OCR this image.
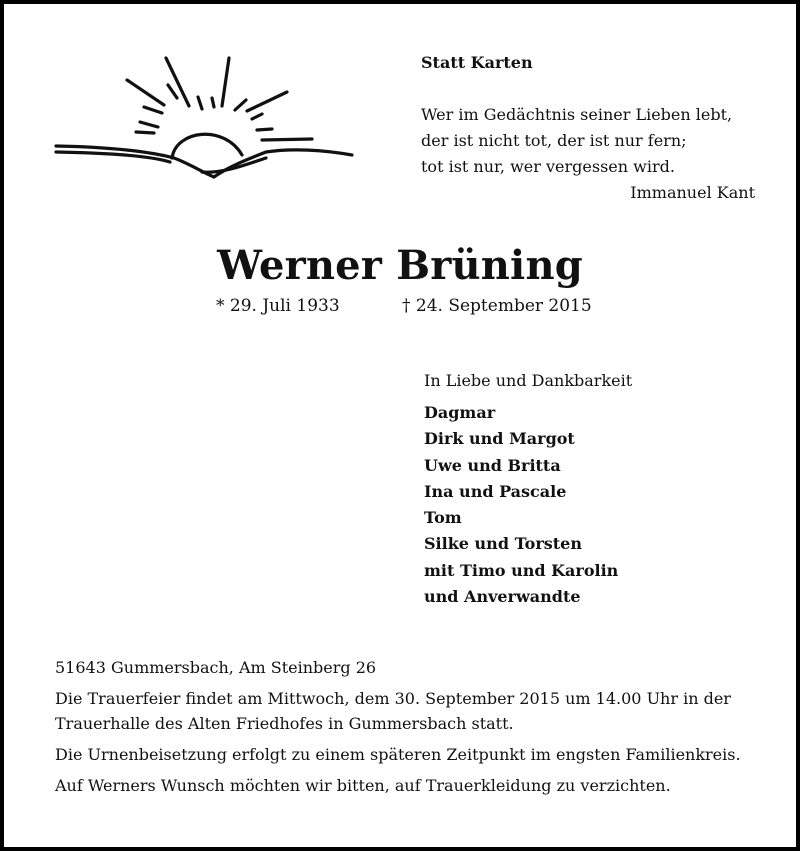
Statt Karten
Wer im Gedächtnis seiner Lieben lebt,
der ist nicht tot, der ist nur fern;
tot ist nur, wer vergessen wird.
Immanuel Kant
Werner Brüning
* 29. Juli 1933	† 24. September 2015
In Liebe und Dankbarkeit
Dagmar
Dirk und Margot
Uwe und Britta
Ina und Pascale
Tom
Silke und Torsten
mit Timo und Karolin
und Anverwandte
51643 Gummersbach, Am Steinberg 26
Die Trauerfeier findet am Mittwoch, dem 30. September 2015 um 14.00 Uhr in der
Trauerhalle des Alten Friedhofes in Gummersbach statt.
Die Urnenbeisetzung erfolgt zu einem späteren Zeitpunkt im engsten Familienkreis.
Auf Werners Wunsch möchten wir bitten, auf Trauerkleidung zu verzichten.
